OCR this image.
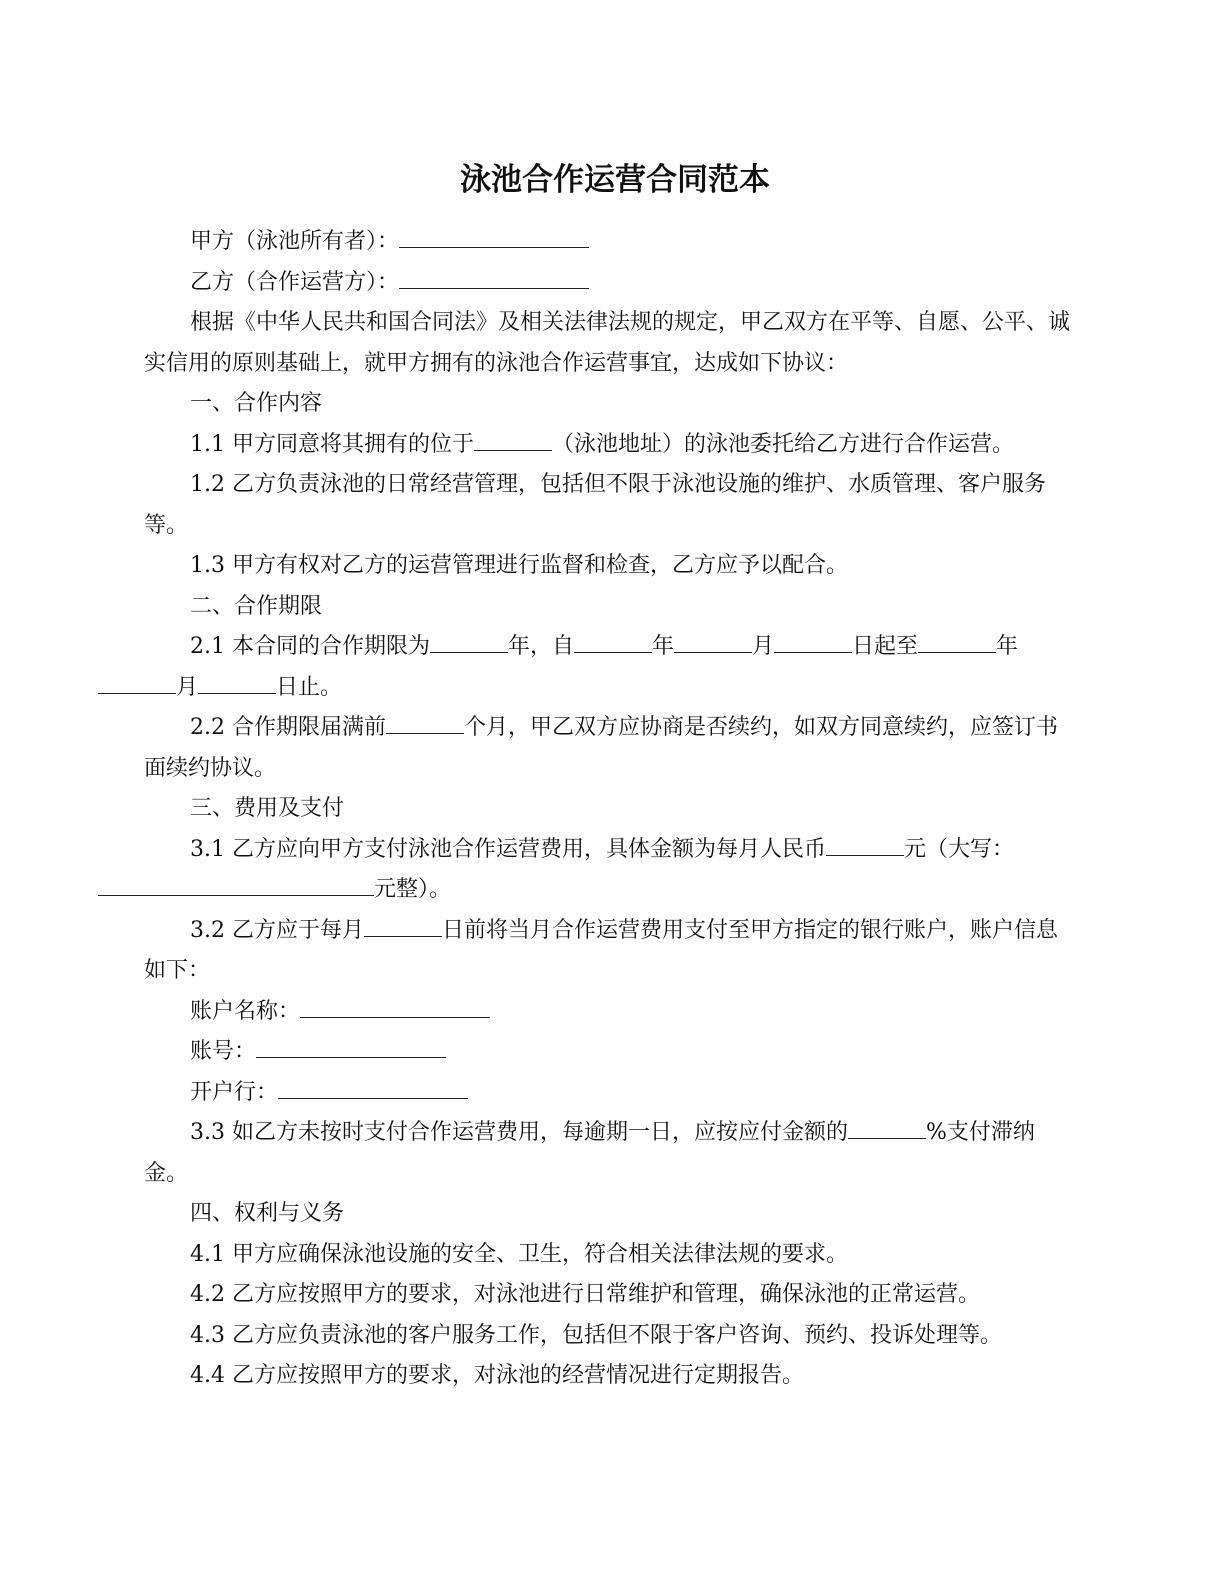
泳池合作运营合同范本

甲方（泳池所有者）：

乙方（合作运营方）：

根据《中华人民共和国合同法》及相关法律法规的规定，甲乙双方在平等、自愿、公平、诚实信用的原则基础上，就甲方拥有的泳池合作运营事宜，达成如下协议：

一、合作内容

1.1 甲方同意将其拥有的位于	（泳池地址）的泳池委托给乙方进行合作运营。

1.2 乙方负责泳池的日常经营管理，包括但不限于泳池设施的维护、水质管理、客户服务等。

1.3 甲方有权对乙方的运营管理进行监督和检查，乙方应予以配合。

二、合作期限

2.1 本合同的合作期限为	年，自	年	月	日起至	年
月	日止。

2.2 合作期限届满前	个月，甲乙双方应协商是否续约，如双方同意续约，应签订书面续约协议。

三、费用及支付

3.1 乙方应向甲方支付泳池合作运营费用，具体金额为每月人民币	元（大写：
元整）。

3.2 乙方应于每月	日前将当月合作运营费用支付至甲方指定的银行账户，账户信息如下：

账户名称：

账号：

开户行：

3.3 如乙方未按时支付合作运营费用，每逾期一日，应按应付金额的	%支付滞纳金。

四、权利与义务

4.1 甲方应确保泳池设施的安全、卫生，符合相关法律法规的要求。

4.2 乙方应按照甲方的要求，对泳池进行日常维护和管理，确保泳池的正常运营。

4.3 乙方应负责泳池的客户服务工作，包括但不限于客户咨询、预约、投诉处理等。

4.4 乙方应按照甲方的要求，对泳池的经营情况进行定期报告。
